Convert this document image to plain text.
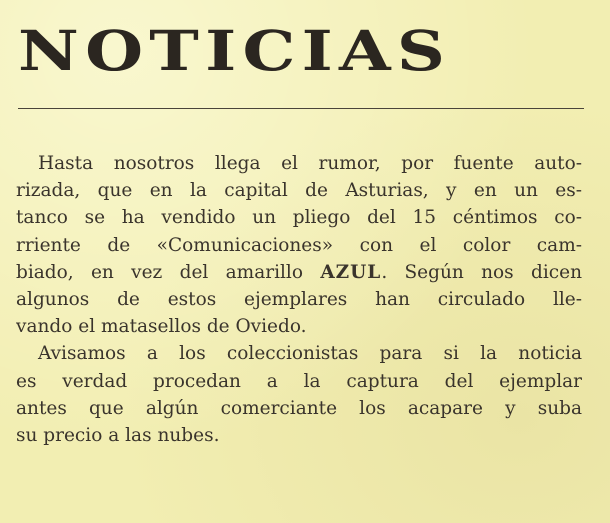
NOTICIAS
Hasta nosotros llega el rumor, por fuente auto-
rizada, que en la capital de Asturias, y en un es-
tanco se ha vendido un pliego del 15 céntimos co-
rriente de «Comunicaciones» con el color cam-
biado, en vez del amarillo AZUL. Según nos dicen
algunos de estos ejemplares han circulado lle-
vando el matasellos de Oviedo.
Avisamos a los coleccionistas para si la noticia
es verdad procedan a la captura del ejemplar
antes que algún comerciante los acapare y suba
su precio a las nubes.
